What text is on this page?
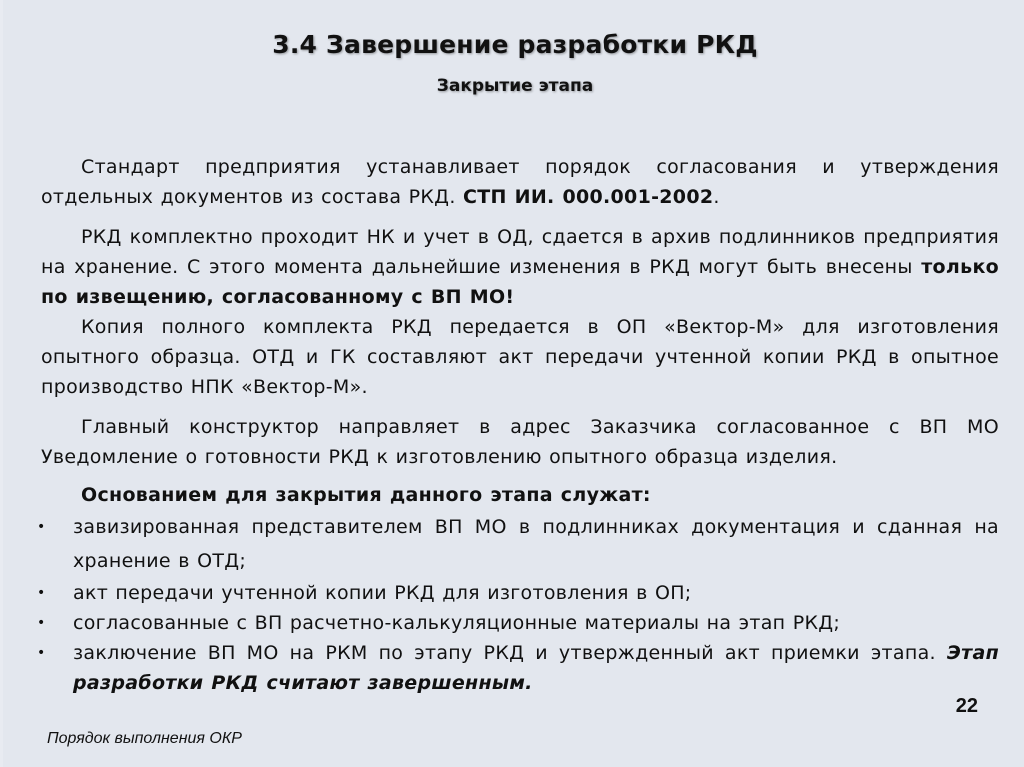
3.4 Завершение разработки РКД
Закрытие этапа

Стандарт предприятия устанавливает порядок согласования и утверждения отдельных документов из состава РКД. СТП ИИ. 000.001-2002.

РКД комплектно проходит НК и учет в ОД, сдается в архив подлинников предприятия на хранение. С этого момента дальнейшие изменения в РКД могут быть внесены только по извещению, согласованному с ВП МО!

Копия полного комплекта РКД передается в ОП «Вектор-М» для изготовления опытного образца. ОТД и ГК составляют акт передачи учтенной копии РКД в опытное производство НПК «Вектор-М».

Главный конструктор направляет в адрес Заказчика согласованное с ВП МО Уведомление о готовности РКД к изготовлению опытного образца изделия.

Основанием для закрытия данного этапа служат:
• завизированная представителем ВП МО в подлинниках документация и сданная на хранение в ОТД;
• акт передачи учтенной копии РКД для изготовления в ОП;
• согласованные с ВП расчетно-калькуляционные материалы на этап РКД;
• заключение ВП МО на РКМ по этапу РКД и утвержденный акт приемки этапа. Этап разработки РКД считают завершенным.
22
Порядок выполнения ОКР
